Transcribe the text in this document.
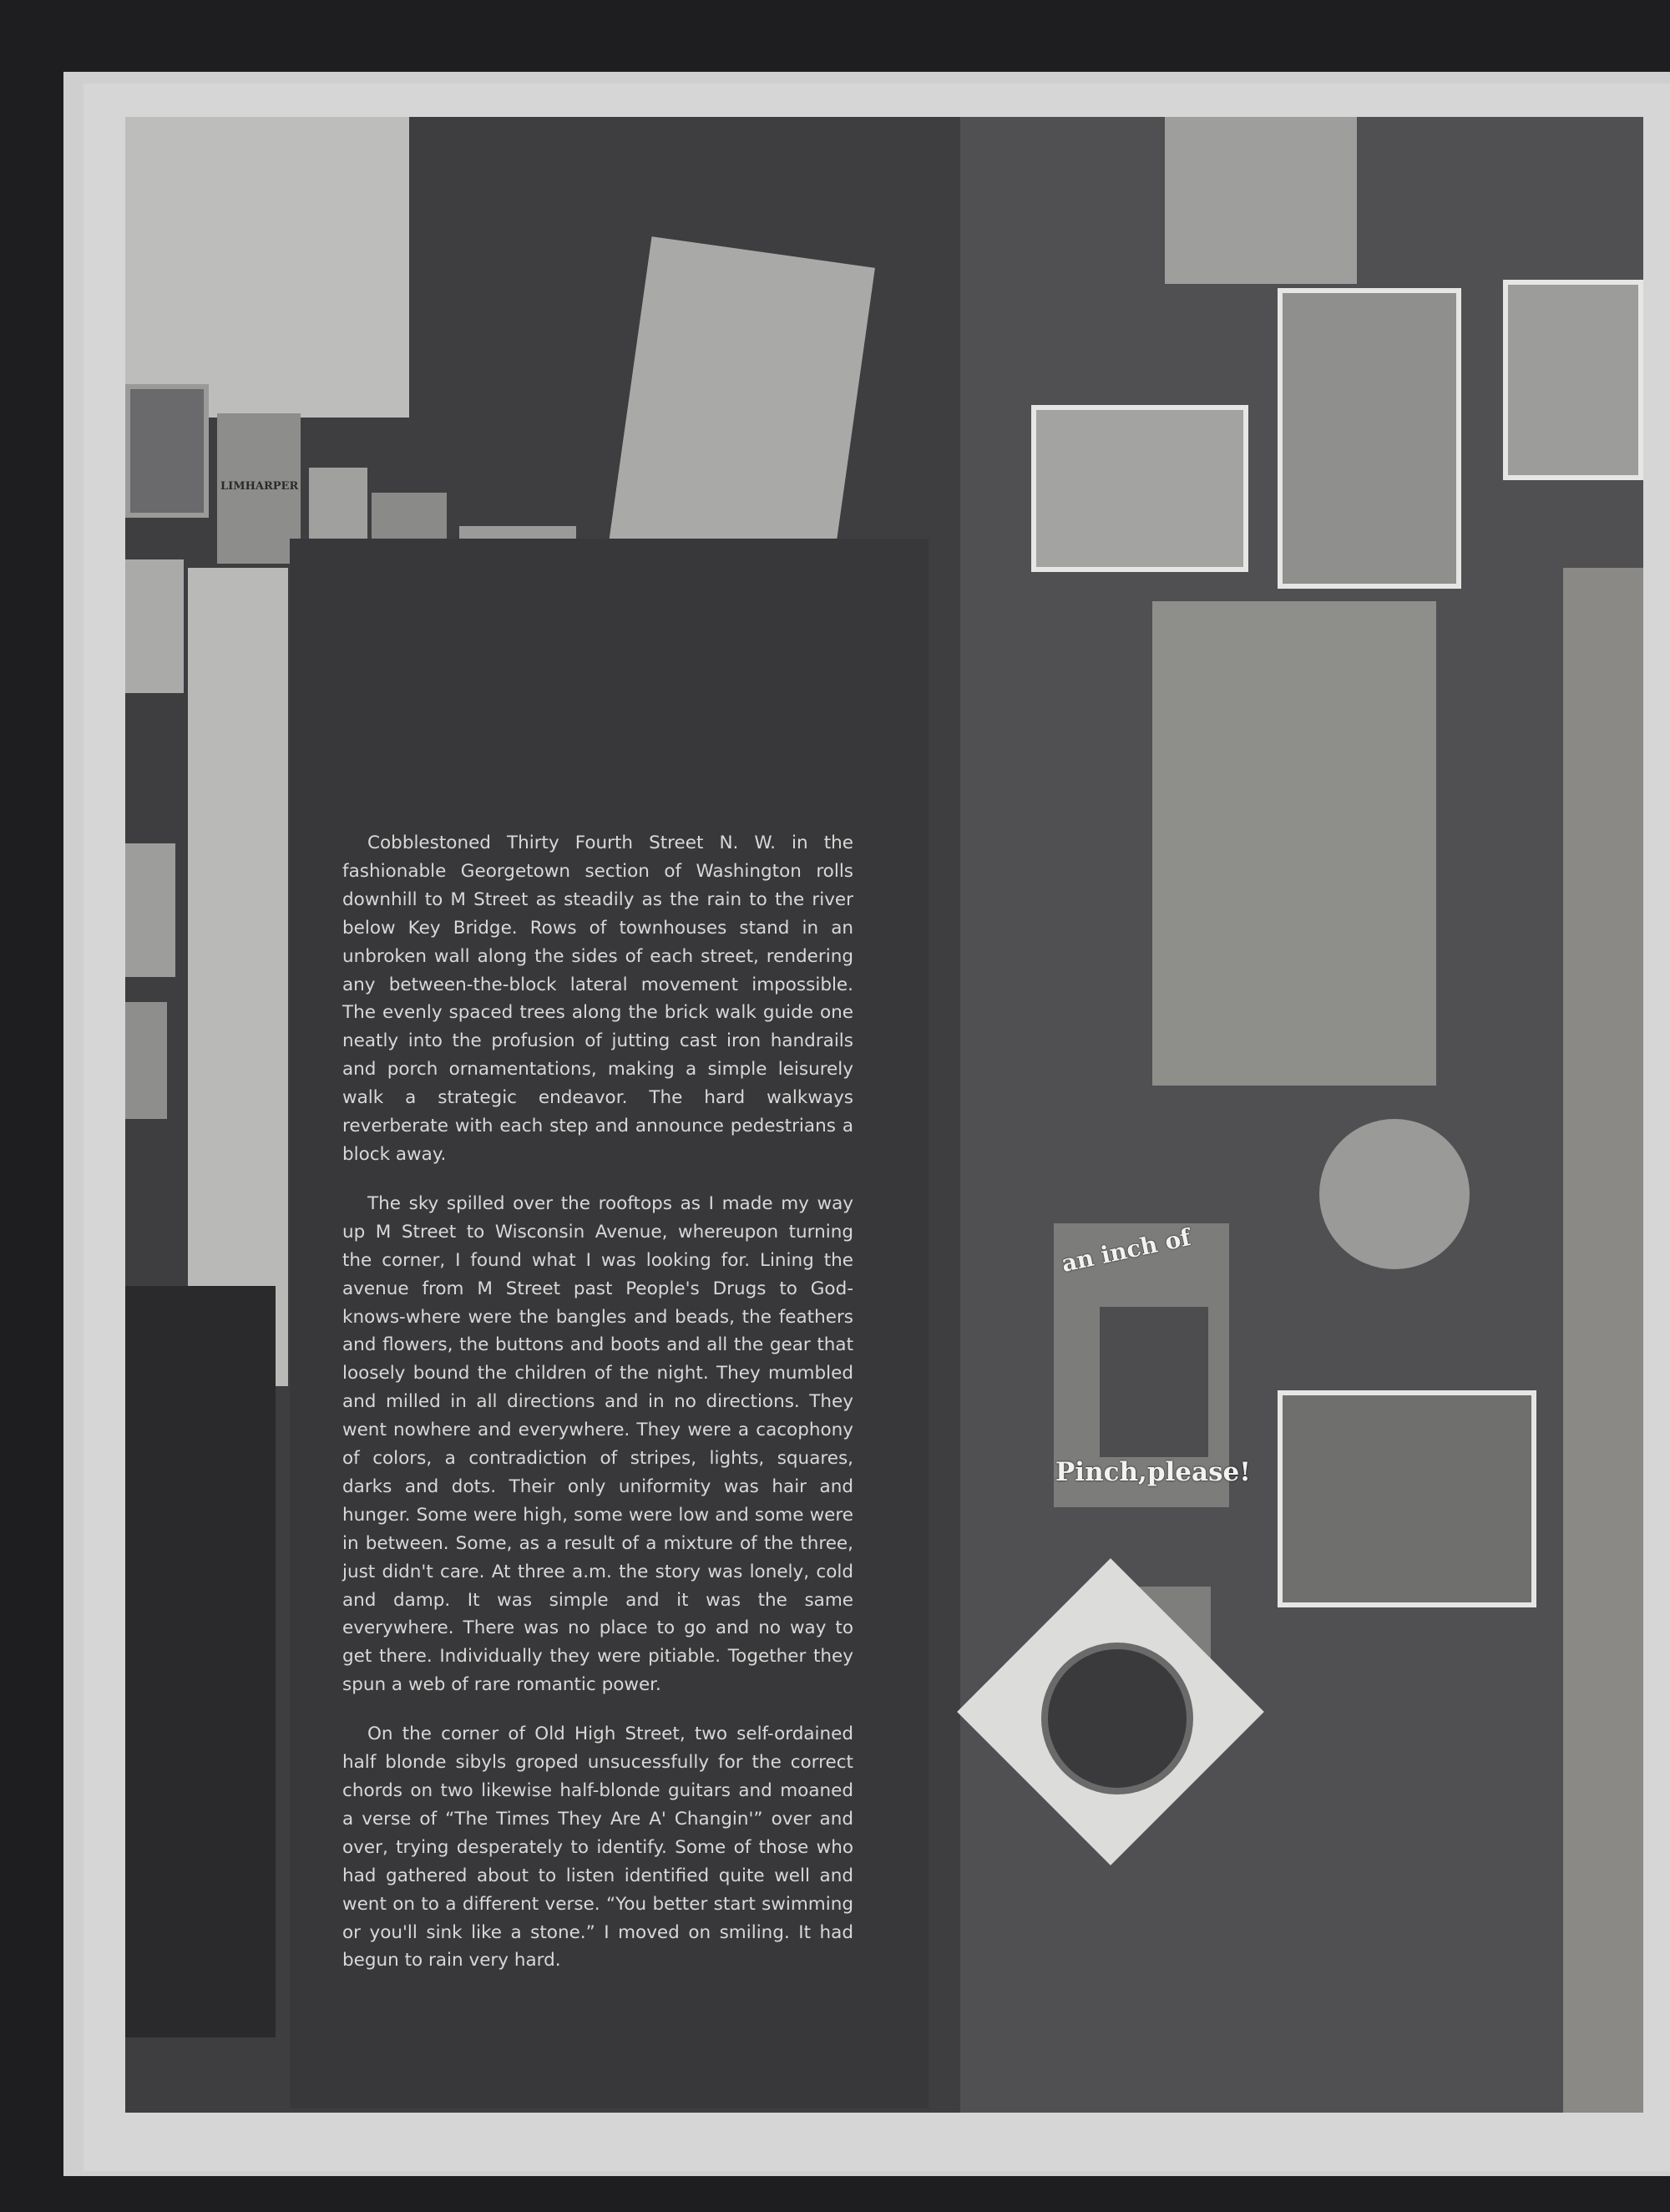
LIMHARPER
an inch of
Pinch,please!

Cobblestoned Thirty Fourth Street N. W. in the fashionable Georgetown section of Washington rolls downhill to M Street as steadily as the rain to the river below Key Bridge. Rows of townhouses stand in an unbroken wall along the sides of each street, rendering any between-the-block lateral movement impossible. The evenly spaced trees along the brick walk guide one neatly into the profusion of jutting cast iron handrails and porch ornamentations, making a simple leisurely walk a strategic endeavor. The hard walkways reverberate with each step and announce pedestrians a block away.

The sky spilled over the rooftops as I made my way up M Street to Wisconsin Avenue, whereupon turning the corner, I found what I was looking for. Lining the avenue from M Street past People's Drugs to God-knows-where were the bangles and beads, the feathers and flowers, the buttons and boots and all the gear that loosely bound the children of the night. They mumbled and milled in all directions and in no directions. They went nowhere and everywhere. They were a cacophony of colors, a contradiction of stripes, lights, squares, darks and dots. Their only uniformity was hair and hunger. Some were high, some were low and some were in between. Some, as a result of a mixture of the three, just didn't care. At three a.m. the story was lonely, cold and damp. It was simple and it was the same everywhere. There was no place to go and no way to get there. Individually they were pitiable. Together they spun a web of rare romantic power.

On the corner of Old High Street, two self-ordained half blonde sibyls groped unsucessfully for the correct chords on two likewise half-blonde guitars and moaned a verse of “The Times They Are A' Changin'” over and over, trying desperately to identify. Some of those who had gathered about to listen identified quite well and went on to a different verse. “You better start swimming or you'll sink like a stone.” I moved on smiling. It had begun to rain very hard.
